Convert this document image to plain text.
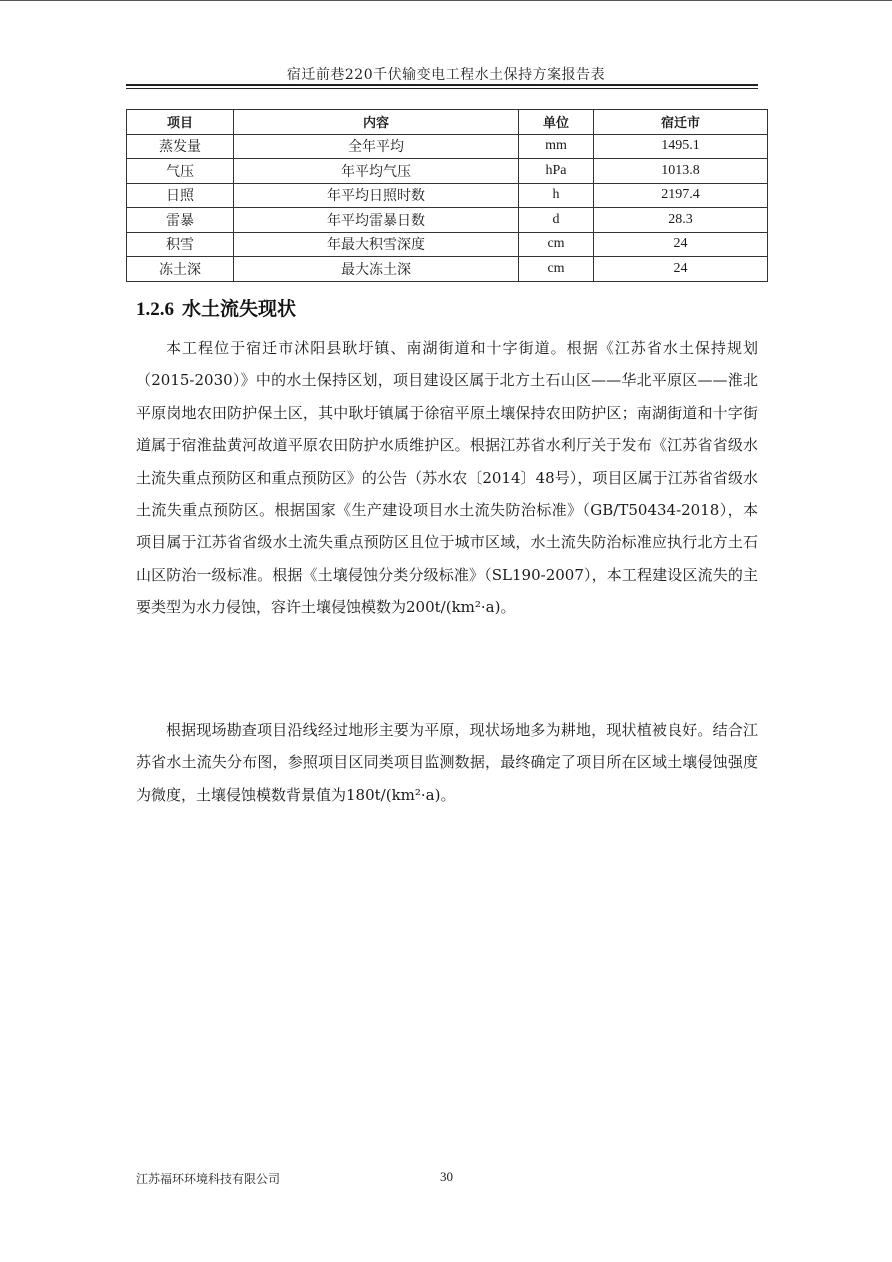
宿迁前巷220千伏输变电工程水土保持方案报告表
项目	内容	单位	宿迁市
蒸发量	全年平均	mm	1495.1
气压	年平均气压	hPa	1013.8
日照	年平均日照时数	h	2197.4
雷暴	年平均雷暴日数	d	28.3
积雪	年最大积雪深度	cm	24
冻土深	最大冻土深	cm	24
1.2.6 水土流失现状

本工程位于宿迁市沭阳县耿圩镇、南湖街道和十字街道。根据《江苏省水土保持规划（2015-2030）》中的水土保持区划，项目建设区属于北方土石山区——华北平原区——淮北平原岗地农田防护保土区，其中耿圩镇属于徐宿平原土壤保持农田防护区；南湖街道和十字街道属于宿淮盐黄河故道平原农田防护水质维护区。根据江苏省水利厅关于发布《江苏省省级水土流失重点预防区和重点预防区》的公告（苏水农〔2014〕48号），项目区属于江苏省省级水土流失重点预防区。根据国家《生产建设项目水土流失防治标准》（GB/T50434-2018），本项目属于江苏省省级水土流失重点预防区且位于城市区域，水土流失防治标准应执行北方土石山区防治一级标准。根据《土壤侵蚀分类分级标准》（SL190-2007），本工程建设区流失的主要类型为水力侵蚀，容许土壤侵蚀模数为200t/(km²·a)。

根据现场勘查项目沿线经过地形主要为平原，现状场地多为耕地，现状植被良好。结合江苏省水土流失分布图，参照项目区同类项目监测数据，最终确定了项目所在区域土壤侵蚀强度为微度，土壤侵蚀模数背景值为180t/(km²·a)。

江苏福环环境科技有限公司	30
